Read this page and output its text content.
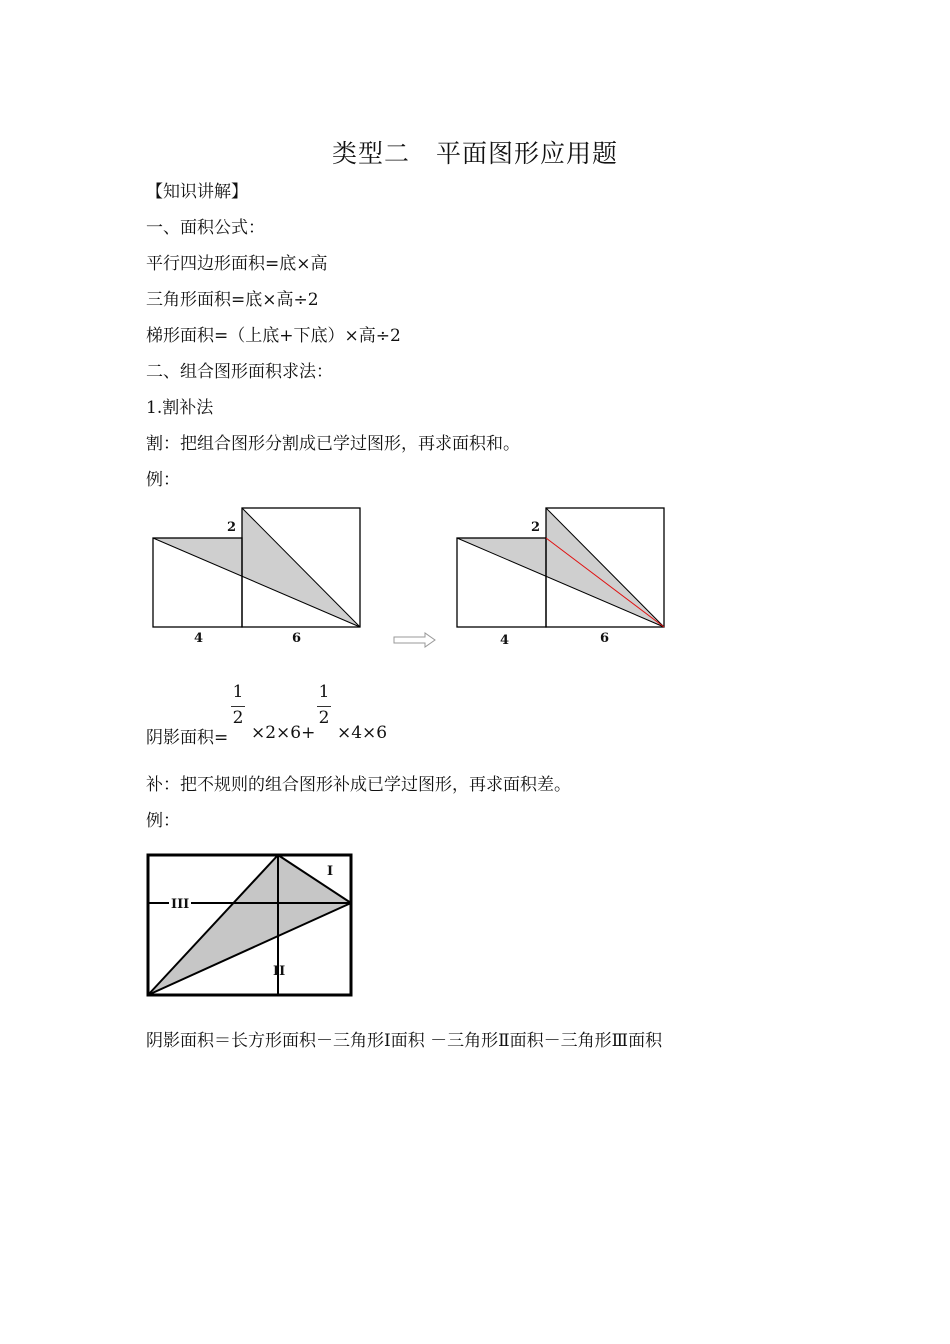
类型二　平面图形应用题
【知识讲解】
一、面积公式：
平行四边形面积=底×高
三角形面积=底×高÷2
梯形面积=（上底+下底）×高÷2
二、组合图形面积求法：
1.割补法
割：把组合图形分割成已学过图形，再求面积和。
例：
2
4	6
2
4	6
阴影面积=
1
2
×2×6+
1
2
×4×6
补：把不规则的组合图形补成已学过图形，再求面积差。
例：
I
II
III
阴影面积＝长方形面积－三角形Ⅰ面积 －三角形Ⅱ面积－三角形Ⅲ面积
